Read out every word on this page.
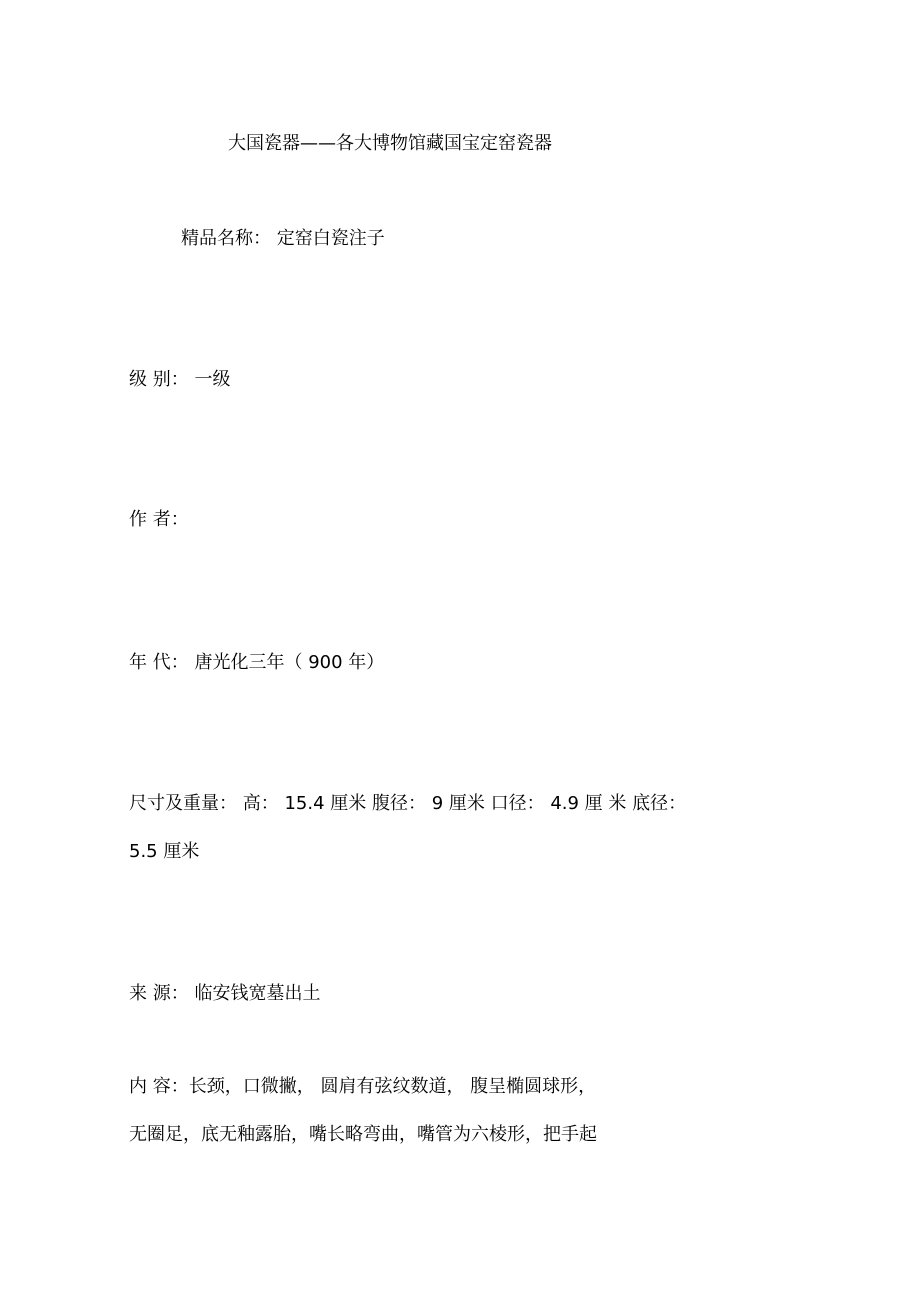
大国瓷器——各大博物馆藏国宝定窑瓷器
精品名称： 定窑白瓷注子
级 别： 一级
作 者：
年 代： 唐光化三年（ 900 年）
尺寸及重量： 高： 15.4 厘米 腹径： 9 厘米 口径： 4.9 厘 米 底径：
5.5 厘米
来 源： 临安钱宽墓出土
内 容：长颈，口微撇， 圆肩有弦纹数道， 腹呈椭圆球形，
无圈足，底无釉露胎，嘴长略弯曲，嘴管为六棱形，把手起
